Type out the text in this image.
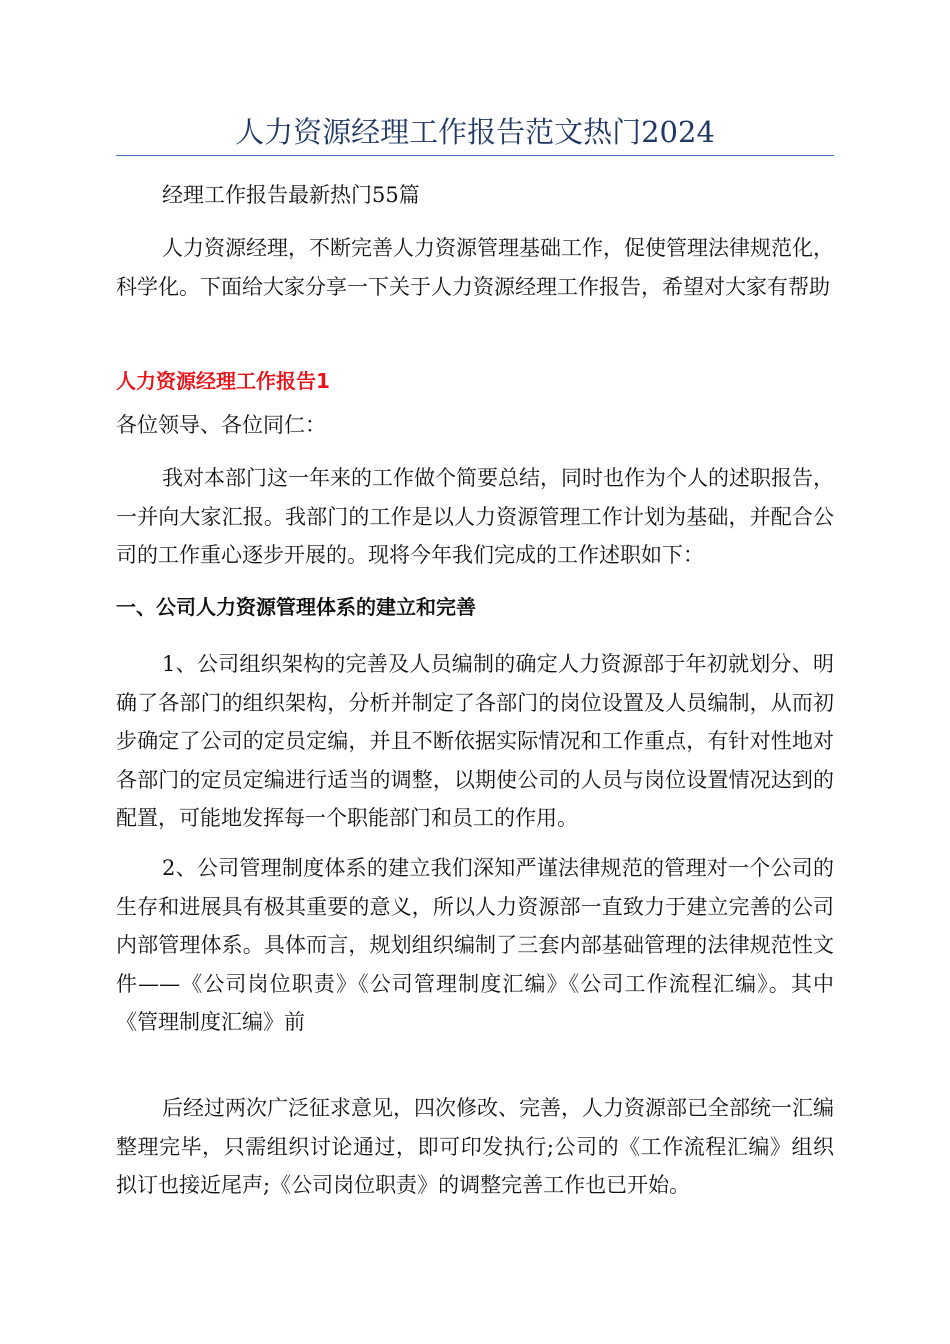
人力资源经理工作报告范文热门2024

经理工作报告最新热门55篇

人力资源经理，不断完善人力资源管理基础工作，促使管理法律规范化，科学化。下面给大家分享一下关于人力资源经理工作报告，希望对大家有帮助

人力资源经理工作报告1

各位领导、各位同仁：

我对本部门这一年来的工作做个简要总结，同时也作为个人的述职报告，一并向大家汇报。我部门的工作是以人力资源管理工作计划为基础，并配合公司的工作重心逐步开展的。现将今年我们完成的工作述职如下：

一、公司人力资源管理体系的建立和完善

1、公司组织架构的完善及人员编制的确定人力资源部于年初就划分、明确了各部门的组织架构，分析并制定了各部门的岗位设置及人员编制，从而初步确定了公司的定员定编，并且不断依据实际情况和工作重点，有针对性地对各部门的定员定编进行适当的调整，以期使公司的人员与岗位设置情况达到的配置，可能地发挥每一个职能部门和员工的作用。

2、公司管理制度体系的建立我们深知严谨法律规范的管理对一个公司的生存和进展具有极其重要的意义，所以人力资源部一直致力于建立完善的公司内部管理体系。具体而言，规划组织编制了三套内部基础管理的法律规范性文件——《公司岗位职责》《公司管理制度汇编》《公司工作流程汇编》。其中《管理制度汇编》前

后经过两次广泛征求意见，四次修改、完善，人力资源部已全部统一汇编整理完毕，只需组织讨论通过，即可印发执行;公司的《工作流程汇编》组织拟订也接近尾声;《公司岗位职责》的调整完善工作也已开始。
